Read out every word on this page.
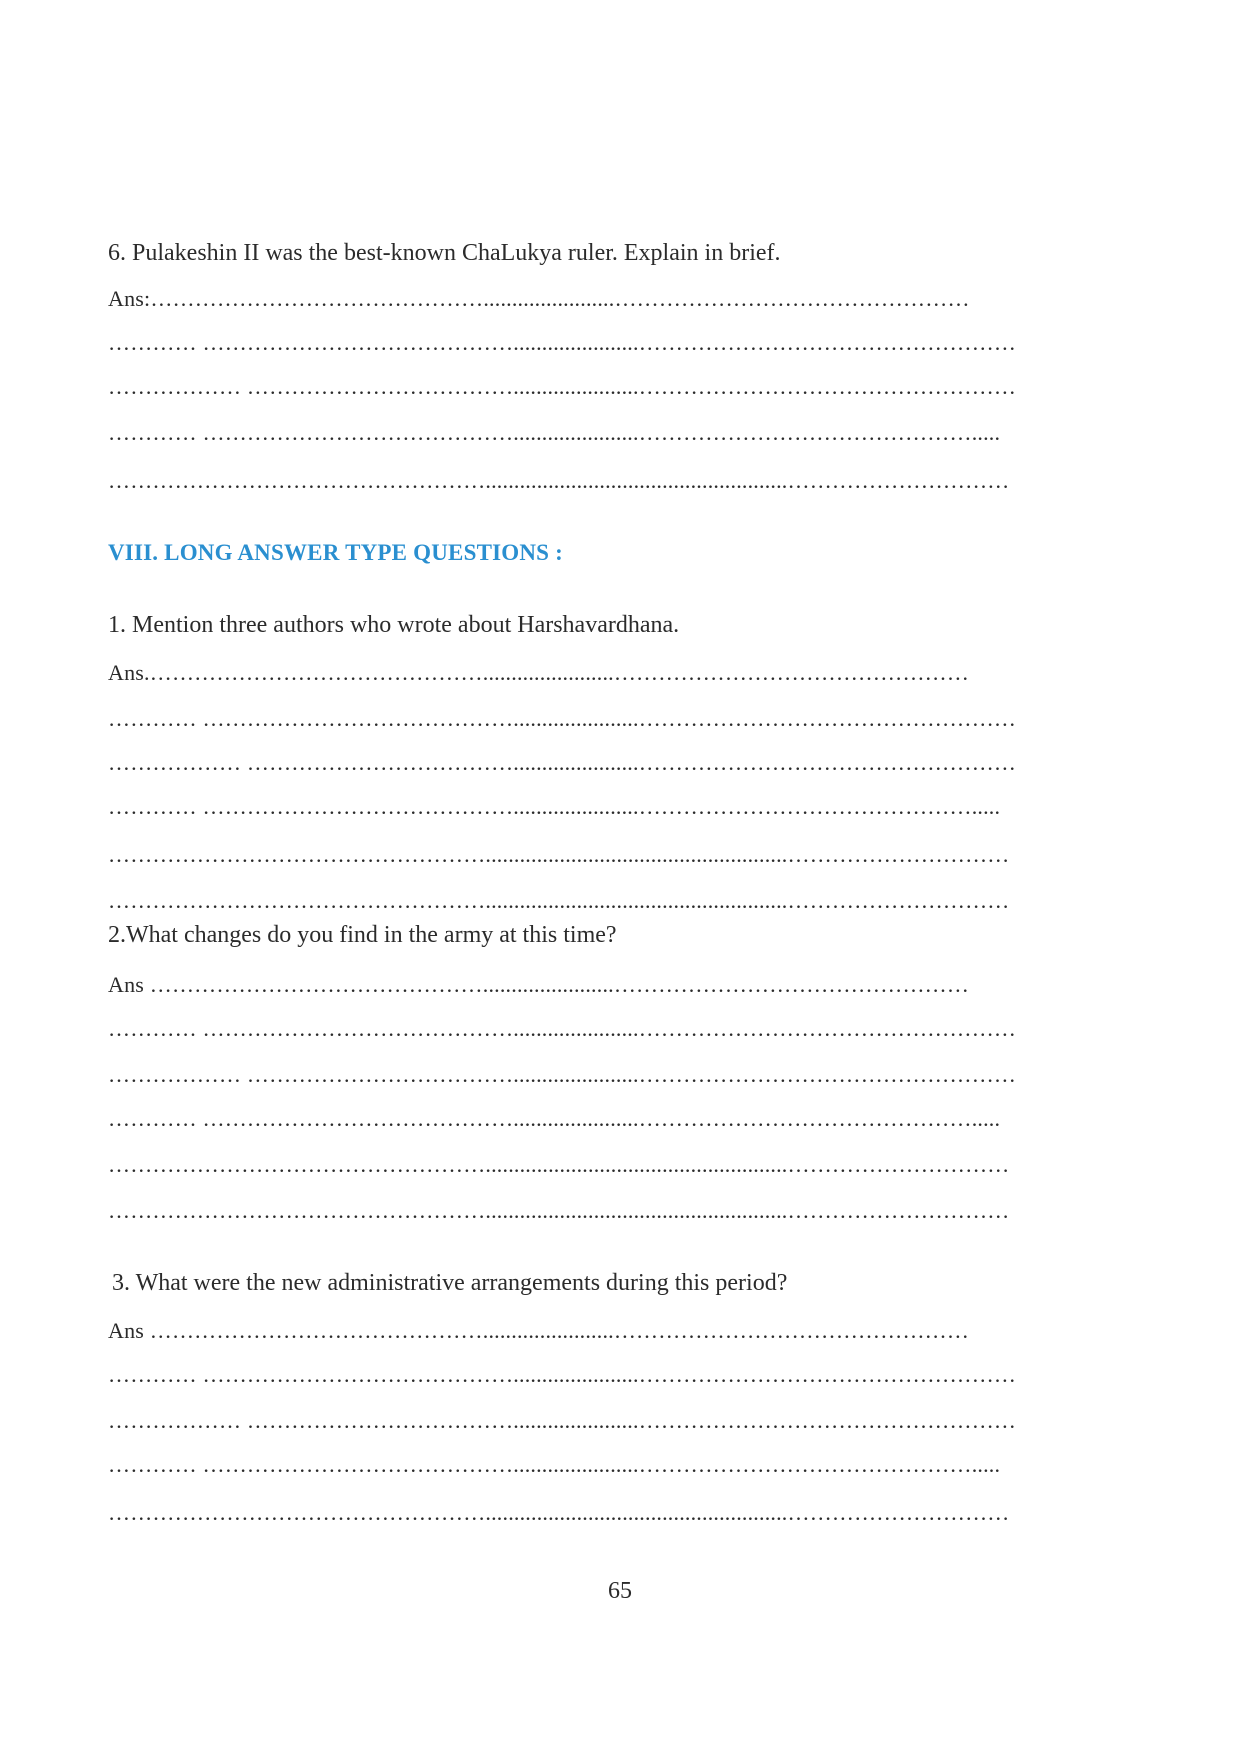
6. Pulakeshin II was the best-known ChaLukya ruler. Explain in brief.
Ans:……………………………………….......................…………………………………………
………… ……………………………………......................……………………………………………
……………… ………………………………......................……………………………………………
………… ……………………………………......................……………………………………….....
…………………………………………….....................................................…………………………
VIII. LONG ANSWER TYPE QUESTIONS :
1. Mention three authors who wrote about Harshavardhana.
Ans.……………………………………….......................…………………………………………
………… ……………………………………......................……………………………………………
……………… ………………………………......................……………………………………………
………… ……………………………………......................……………………………………….....
…………………………………………….....................................................…………………………
…………………………………………….....................................................…………………………
2.What changes do you find in the army at this time?
Ans ……………………………………….......................…………………………………………
………… ……………………………………......................……………………………………………
……………… ………………………………......................……………………………………………
………… ……………………………………......................……………………………………….....
…………………………………………….....................................................…………………………
…………………………………………….....................................................…………………………
3. What were the new administrative arrangements during this period?
Ans ……………………………………….......................…………………………………………
………… ……………………………………......................……………………………………………
……………… ………………………………......................……………………………………………
………… ……………………………………......................……………………………………….....
…………………………………………….....................................................…………………………
65
